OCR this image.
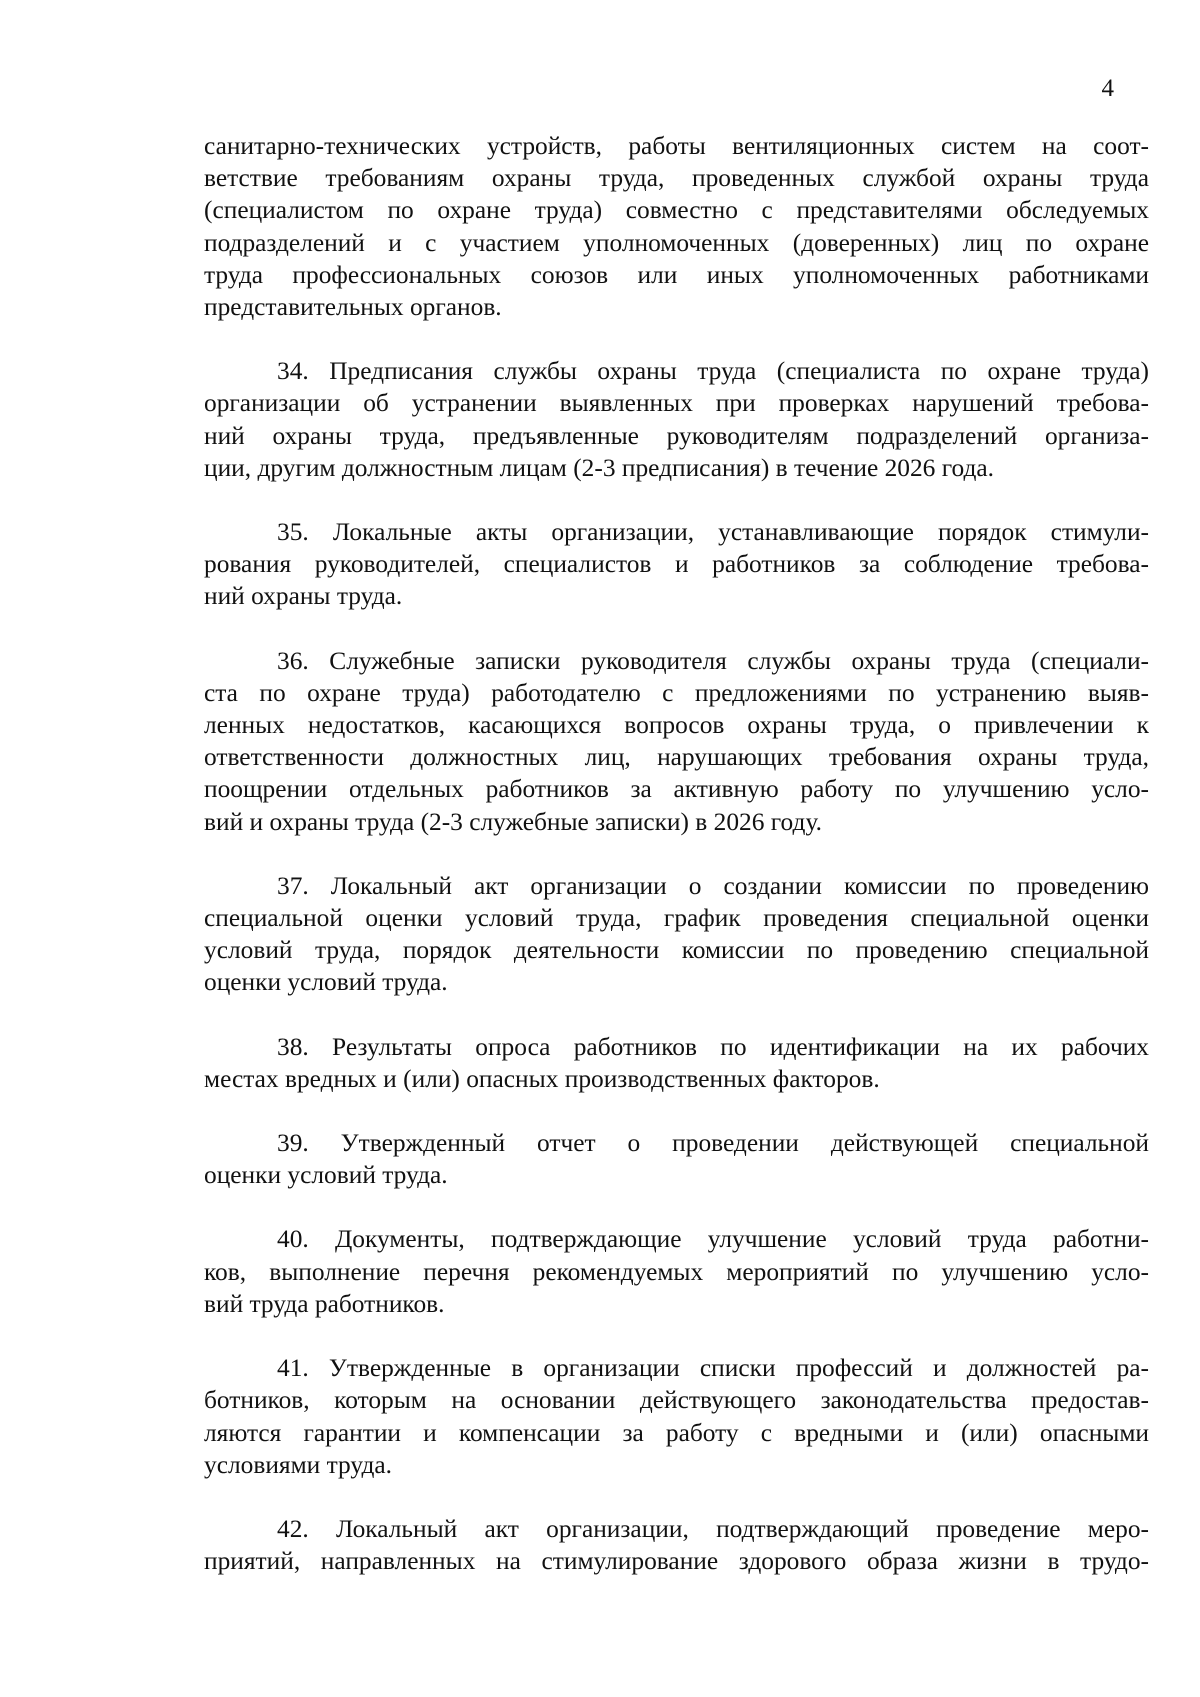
4
санитарно-технических устройств, работы вентиляционных систем на соот-
ветствие требованиям охраны труда, проведенных службой охраны труда
(специалистом по охране труда) совместно с представителями обследуемых
подразделений и с участием уполномоченных (доверенных) лиц по охране
труда профессиональных союзов или иных уполномоченных работниками
представительных органов.
34. Предписания службы охраны труда (специалиста по охране труда)
организации об устранении выявленных при проверках нарушений требова-
ний охраны труда, предъявленные руководителям подразделений организа-
ции, другим должностным лицам (2-3 предписания) в течение 2026 года.
35. Локальные акты организации, устанавливающие порядок стимули-
рования руководителей, специалистов и работников за соблюдение требова-
ний охраны труда.
36. Служебные записки руководителя службы охраны труда (специали-
ста по охране труда) работодателю с предложениями по устранению выяв-
ленных недостатков, касающихся вопросов охраны труда, о привлечении к
ответственности должностных лиц, нарушающих требования охраны труда,
поощрении отдельных работников за активную работу по улучшению усло-
вий и охраны труда (2-3 служебные записки) в 2026 году.
37. Локальный акт организации о создании комиссии по проведению
специальной оценки условий труда, график проведения специальной оценки
условий труда, порядок деятельности комиссии по проведению специальной
оценки условий труда.
38. Результаты опроса работников по идентификации на их рабочих
местах вредных и (или) опасных производственных факторов.
39. Утвержденный отчет о проведении действующей специальной
оценки условий труда.
40. Документы, подтверждающие улучшение условий труда работни-
ков, выполнение перечня рекомендуемых мероприятий по улучшению усло-
вий труда работников.
41. Утвержденные в организации списки профессий и должностей ра-
ботников, которым на основании действующего законодательства предостав-
ляются гарантии и компенсации за работу с вредными и (или) опасными
условиями труда.
42. Локальный акт организации, подтверждающий проведение меро-
приятий, направленных на стимулирование здорового образа жизни в трудо-
